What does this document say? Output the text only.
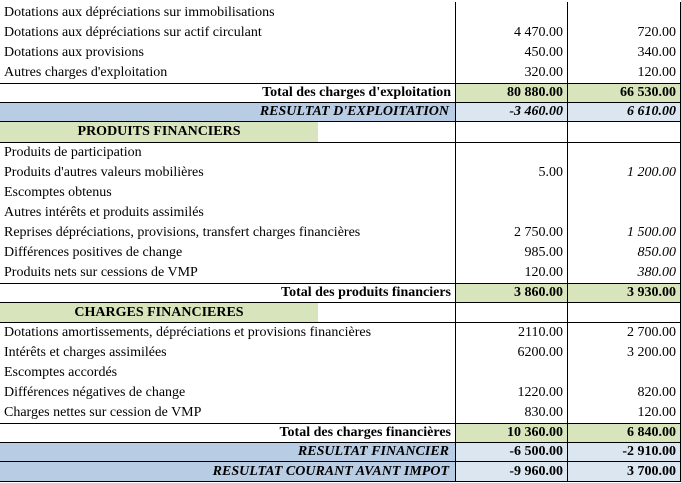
Dotations aux dépréciations sur immobilisations
Dotations aux dépréciations sur actif circulant	4 470.00	720.00
Dotations aux provisions	450.00	340.00
Autres charges d'exploitation	320.00	120.00
Total des charges d'exploitation	80 880.00	66 530.00
RESULTAT D'EXPLOITATION	-3 460.00	6 610.00
PRODUITS FINANCIERS
Produits de participation
Produits d'autres valeurs mobilières	5.00	1 200.00
Escomptes obtenus
Autres intérêts et produits assimilés
Reprises dépréciations, provisions, transfert charges financières	2 750.00	1 500.00
Différences positives de change	985.00	850.00
Produits nets sur cessions de VMP	120.00	380.00
Total des produits financiers	3 860.00	3 930.00
CHARGES FINANCIERES
Dotations amortissements, dépréciations et provisions financières	2110.00	2 700.00
Intérêts et charges assimilées	6200.00	3 200.00
Escomptes accordés
Différences négatives de change	1220.00	820.00
Charges nettes sur cession de VMP	830.00	120.00
Total des charges financières	10 360.00	6 840.00
RESULTAT FINANCIER	-6 500.00	-2 910.00
RESULTAT COURANT AVANT IMPOT	-9 960.00	3 700.00
